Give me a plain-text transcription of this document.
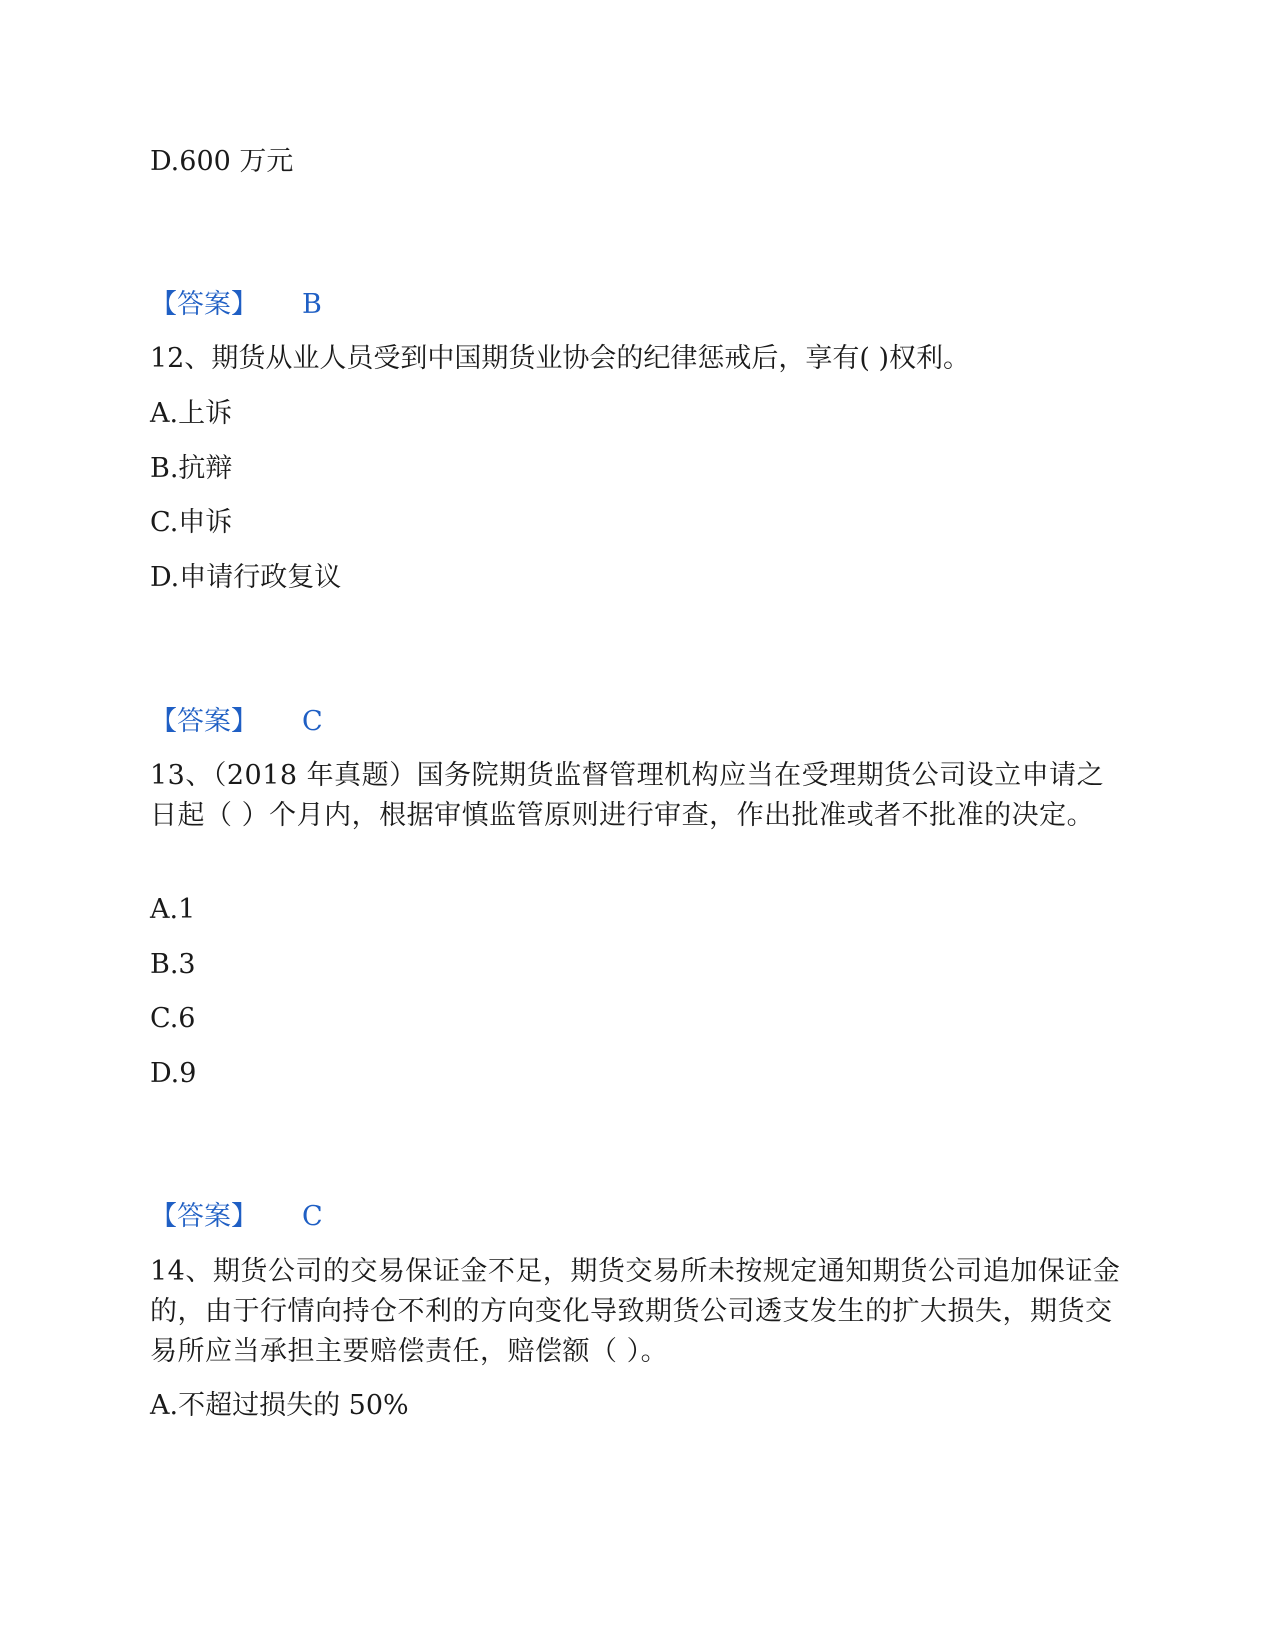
D.600 万元
【答案】 B
12、期货从业人员受到中国期货业协会的纪律惩戒后，享有( )权利。
A.上诉
B.抗辩
C.申诉
D.申请行政复议
【答案】 C
13、（2018 年真题）国务院期货监督管理机构应当在受理期货公司设立申请之日起（ ）个月内，根据审慎监管原则进行审查，作出批准或者不批准的决定。
A.1
B.3
C.6
D.9
【答案】 C
14、期货公司的交易保证金不足，期货交易所未按规定通知期货公司追加保证金的，由于行情向持仓不利的方向变化导致期货公司透支发生的扩大损失，期货交易所应当承担主要赔偿责任，赔偿额（ ）。
A.不超过损失的 50%
